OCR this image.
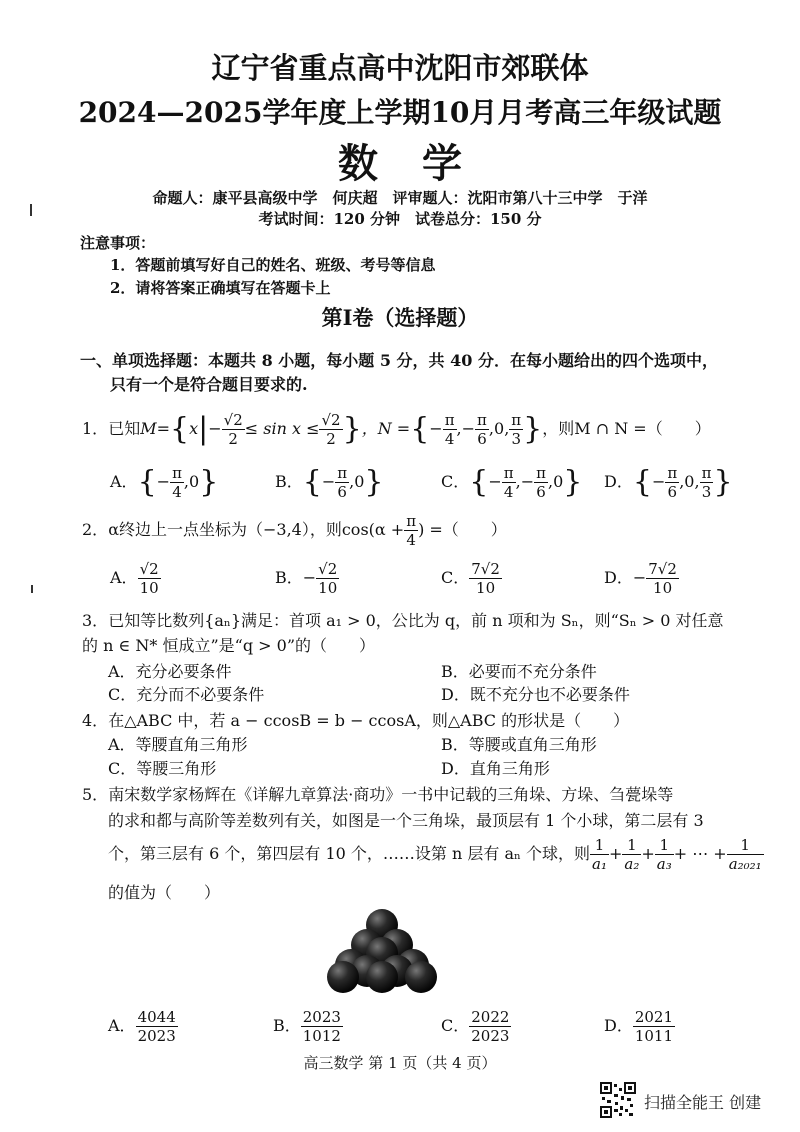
辽宁省重点高中沈阳市郊联体
2024—2025学年度上学期10月月考高三年级试题
数学
命题人：康平县高级中学　何庆超　评审题人：沈阳市第八十三中学　于洋
考试时间：120 分钟　试卷总分：150 分
注意事项：
1．答题前填写好自己的姓名、班级、考号等信息
2．请将答案正确填写在答题卡上
第Ⅰ卷（选择题）
一、单项选择题：本题共 8 小题，每小题 5 分，共 40 分．在每小题给出的四个选项中，
只有一个是符合题目要求的.
1．已知$M=\{x|- \frac{√2}{2} \le \sin x \le \frac{√2}{2}$ }，N ={− $\frac{\pi}{4}$ ,− $\frac{\pi}{6} ,0$, $\frac{\pi}{3}$ }，则M ∩ N =（　　）
A．{− $\frac{\pi}{4} ,0$}	B．{− $\frac{\pi}{6} ,0$}	C．{− $\frac{\pi}{4}$ ,− $\frac{\pi}{6} ,0$} D．{− $\frac{\pi}{6} ,0$, $\frac{\pi}{3}$ }
2．α终边上一点坐标为（−3,4），则$\cos(\alpha + \frac{\pi}{4}$ ) =（　　）
A． $\frac{√2}{10}$	B．− $\frac{√2}{10}$	C． $\frac{7√2}{10}$	D．− $\frac{7√2}{10}$
3．已知等比数列{aₙ}满足：首项 a₁ > 0，公比为 q，前 n 项和为 Sₙ，则“Sₙ > 0 对任意
的 n ∈ N* 恒成立”是“q > 0”的（　　）
A．充分必要条件	B．必要而不充分条件
C．充分而不必要条件	D．既不充分也不必要条件
4．在△ABC 中，若 a − ccosB = b − ccosA，则△ABC 的形状是（　　）
A．等腰直角三角形	B．等腰或直角三角形
C．等腰三角形	D．直角三角形
5．南宋数学家杨辉在《详解九章算法·商功》一书中记载的三角垛、方垛、刍甍垛等
的求和都与高阶等差数列有关，如图是一个三角垛，最顶层有 1 个小球，第二层有 3
个，第三层有 6 个，第四层有 10 个，……设第 n 层有 aₙ 个球，则 $\frac{1}{\text{a₁}} + \frac{1}{\text{a₂}} + \frac{1}{\text{a₃}}$ + ⋯ + $\frac{1}{\text{a₂₀₂₁}}$
的值为（　　）
A． $\frac{4044}{2023}$	B． $\frac{2023}{1012}$	C． $\frac{2022}{2023}$	D． $\frac{2021}{1011}$
高三数学 第 1 页（共 4 页）
扫描全能王 创建
